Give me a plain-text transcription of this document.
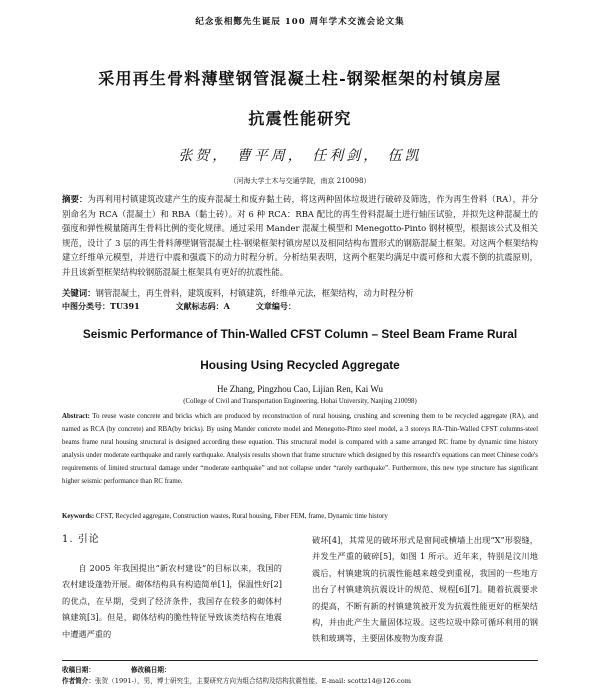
纪念张相酂先生诞辰 100 周年学术交流会论文集
采用再生骨料薄壁钢管混凝土柱-钢梁框架的村镇房屋
抗震性能研究
张贺， 曹平周， 任利剑， 伍凯
（河海大学土木与交通学院，南京 210098）
摘要：为再利用村镇建筑改建产生的废弃混凝土和废弃黏土砖，将这两种固体垃圾进行破碎及筛选，作为再生骨料（RA），并分别命名为 RCA（混凝土）和 RBA（黏土砖）。对 6 种 RCA：RBA 配比的再生骨料混凝土进行轴压试验，并拟先这种混凝土的强度和弹性模量随再生骨料比例的变化规律。通过采用 Mander 混凝土模型和 Menegotto-Pinto 钢材模型，根据该公式及相关规范，设计了 3 层的再生骨料薄壁钢管混凝土柱-钢梁框架村镇房屋以及相同结构布置形式的钢筋混凝土框架。对这两个框架结构建立纤维单元模型，并进行中震和强震下的动力时程分析。分析结果表明，这两个框架均满足中震可修和大震不倒的抗震原则，并且该新型框架结构较钢筋混凝土框架具有更好的抗震性能。
关键词：钢管混凝土，再生骨料，建筑废料，村镇建筑，纤维单元法，框架结构，动力时程分析
中图分类号：TU391	文献标志码：A	文章编号：
Seismic Performance of Thin-Walled CFST Column – Steel Beam Frame Rural
Housing Using Recycled Aggregate
He Zhang, Pingzhou Cao, Lijian Ren, Kai Wu
(College of Civil and Transportation Engineering, Hohai University, Nanjing 210098)
Abstract: To reuse waste concrete and bricks which are produced by reconstruction of rural housing, crushing and screening them to be recycled aggregate (RA), and named as RCA (by concrete) and RBA(by bricks). By using Mander concrete model and Menegotto-Pinto steel model, a 3 storeys RA-Thin-Walled CFST columns-steel beams frame rural housing structural is designed according these equation. This structural model is compared with a same arranged RC frame by dynamic time history analysis under moderate earthquake and rarely earthquake. Analysis results shown that frame structure which designed by this research's equations can meet Chinese code's requirements of limited structural damage under “moderate earthquake” and not collapse under “rarely earthquake”. Furthermore, this new type structure has significant higher seismic performance than RC frame.
Keywords: CFST, Recycled aggregate, Construction wastes, Rural housing, Fiber FEM, frame, Dynamic time history
1. 引论
自 2005 年我国提出“新农村建设”的目标以来，我国的农村建设蓬勃开展。砌体结构具有构造简单[1]，保温性好[2]的优点，在早期，受到了经济条件，我国存在较多的砌体村镇建筑[3]。但是，砌体结构的脆性特征导致该类结构在地震中遭遇严重的
破坏[4]，其常见的破坏形式是窗间或横墙上出现“X”形裂缝，并发生严重的破碎[5]，如图 1 所示。近年来，特别是汶川地震后，村镇建筑的抗震性能越来越受到重视，我国的一些地方出台了村镇建筑抗震设计的规范、规程[6][7]。随着抗震要求的提高，不断有新的村镇建筑被开发为抗震性能更好的框架结构，并由此产生大量固体垃圾。这些垃圾中除可循环利用的钢铁和玻璃等，主要固体废物为废弃混
收稿日期：	修改稿日期：
作者简介：张贺（1991-），男，博士研究生，主要研究方向为组合结构及结构抗震性能，E-mail: scottz14@126.com
